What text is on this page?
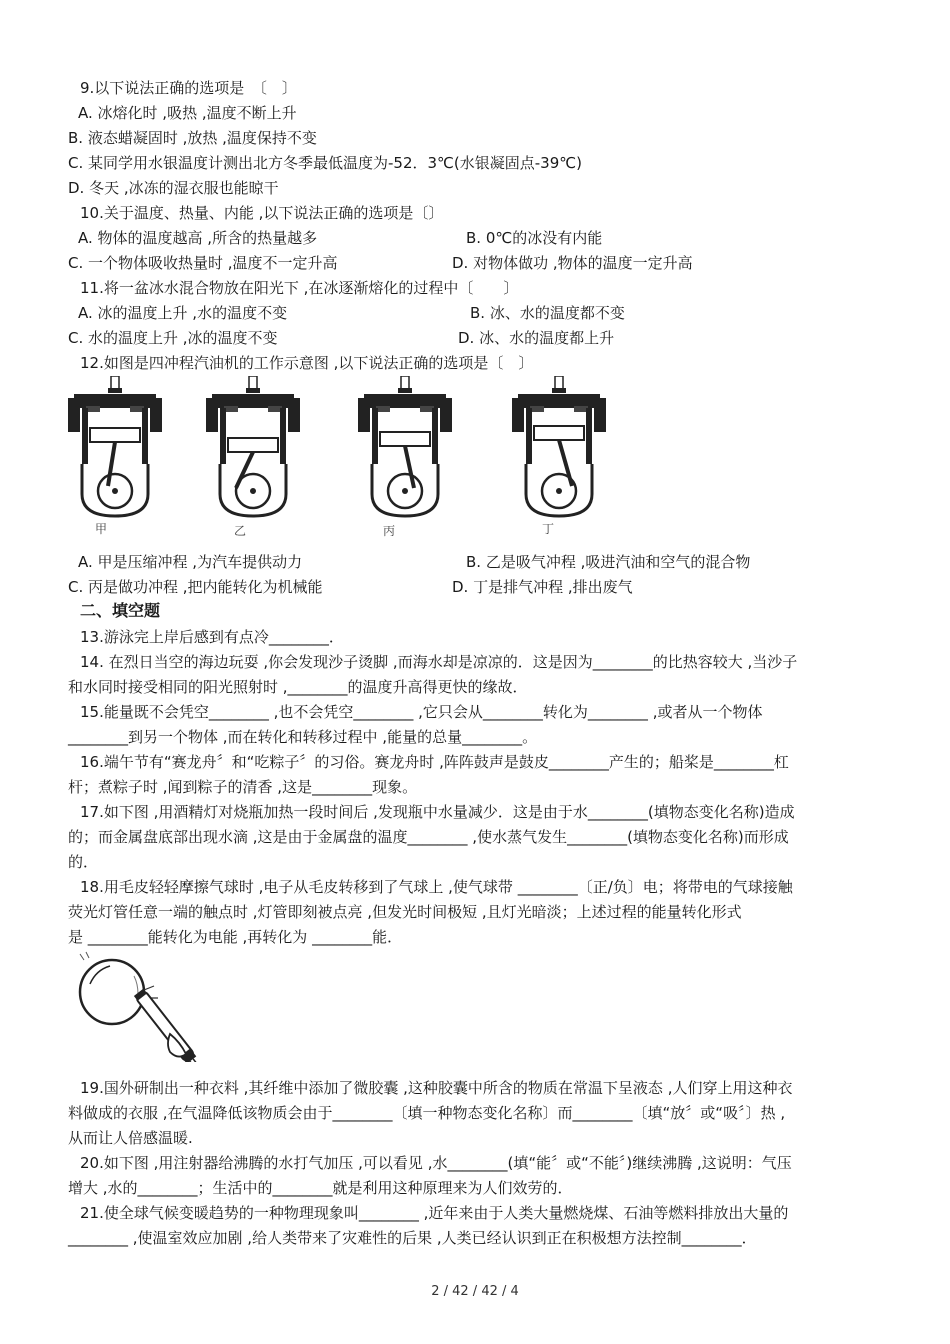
9.以下说法正确的选项是　〔　〕
A. 冰熔化时 ,吸热 ,温度不断上升
B. 液态蜡凝固时 ,放热 ,温度保持不变
C. 某同学用水银温度计测出北方冬季最低温度为-52．3℃(水银凝固点-39℃)
D. 冬天 ,冰冻的湿衣服也能晾干
10.关于温度、热量、内能 ,以下说法正确的选项是〔〕
A. 物体的温度越高 ,所含的热量越多	B. 0℃的冰没有内能
C. 一个物体吸收热量时 ,温度不一定升高	D. 对物体做功 ,物体的温度一定升高
11.将一盆冰水混合物放在阳光下 ,在冰逐渐熔化的过程中〔　　〕
A. 冰的温度上升 ,水的温度不变	B. 冰、水的温度都不变
C. 水的温度上升 ,冰的温度不变	D. 冰、水的温度都上升
12.如图是四冲程汽油机的工作示意图 ,以下说法正确的选项是〔　〕
甲	乙	丙	丁
A. 甲是压缩冲程 ,为汽车提供动力	B. 乙是吸气冲程 ,吸进汽油和空气的混合物
C. 丙是做功冲程 ,把内能转化为机械能	D. 丁是排气冲程 ,排出废气
二、填空题
13.游泳完上岸后感到有点冷________．
14. 在烈日当空的海边玩耍 ,你会发现沙子烫脚 ,而海水却是凉凉的．这是因为________的比热容较大 ,当沙子
和水同时接受相同的阳光照射时 ,________的温度升高得更快的缘故．
15.能量既不会凭空________ ,也不会凭空________ ,它只会从________转化为________ ,或者从一个物体
________到另一个物体 ,而在转化和转移过程中 ,能量的总量________。
16.端午节有“赛龙舟〞和“吃粽子〞的习俗。赛龙舟时 ,阵阵鼓声是鼓皮________产生的；船桨是________杠
杆；煮粽子时 ,闻到粽子的清香 ,这是________现象。
17.如下图 ,用酒精灯对烧瓶加热一段时间后 ,发现瓶中水量减少．这是由于水________(填物态变化名称)造成
的；而金属盘底部出现水滴 ,这是由于金属盘的温度________ ,使水蒸气发生________(填物态变化名称)而形成
的．
18.用毛皮轻轻摩擦气球时 ,电子从毛皮转移到了气球上 ,使气球带 ________〔正/负〕电；将带电的气球接触
荧光灯管任意一端的触点时 ,灯管即刻被点亮 ,但发光时间极短 ,且灯光暗淡；上述过程的能量转化形式
是 ________能转化为电能 ,再转化为 ________能．
19.国外研制出一种衣料 ,其纤维中添加了微胶囊 ,这种胶囊中所含的物质在常温下呈液态 ,人们穿上用这种衣
料做成的衣服 ,在气温降低该物质会由于________〔填一种物态变化名称〕而________〔填“放〞或“吸〞〕热 ,
从而让人倍感温暖.
20.如下图 ,用注射器给沸腾的水打气加压 ,可以看见 ,水________(填“能〞或“不能〞)继续沸腾 ,这说明：气压
增大 ,水的________；生活中的________就是利用这种原理来为人们效劳的．
21.使全球气候变暖趋势的一种物理现象叫________ ,近年来由于人类大量燃烧煤、石油等燃料排放出大量的
________ ,使温室效应加剧 ,给人类带来了灾难性的后果 ,人类已经认识到正在积极想方法控制________．
2 / 42 / 42 / 4
